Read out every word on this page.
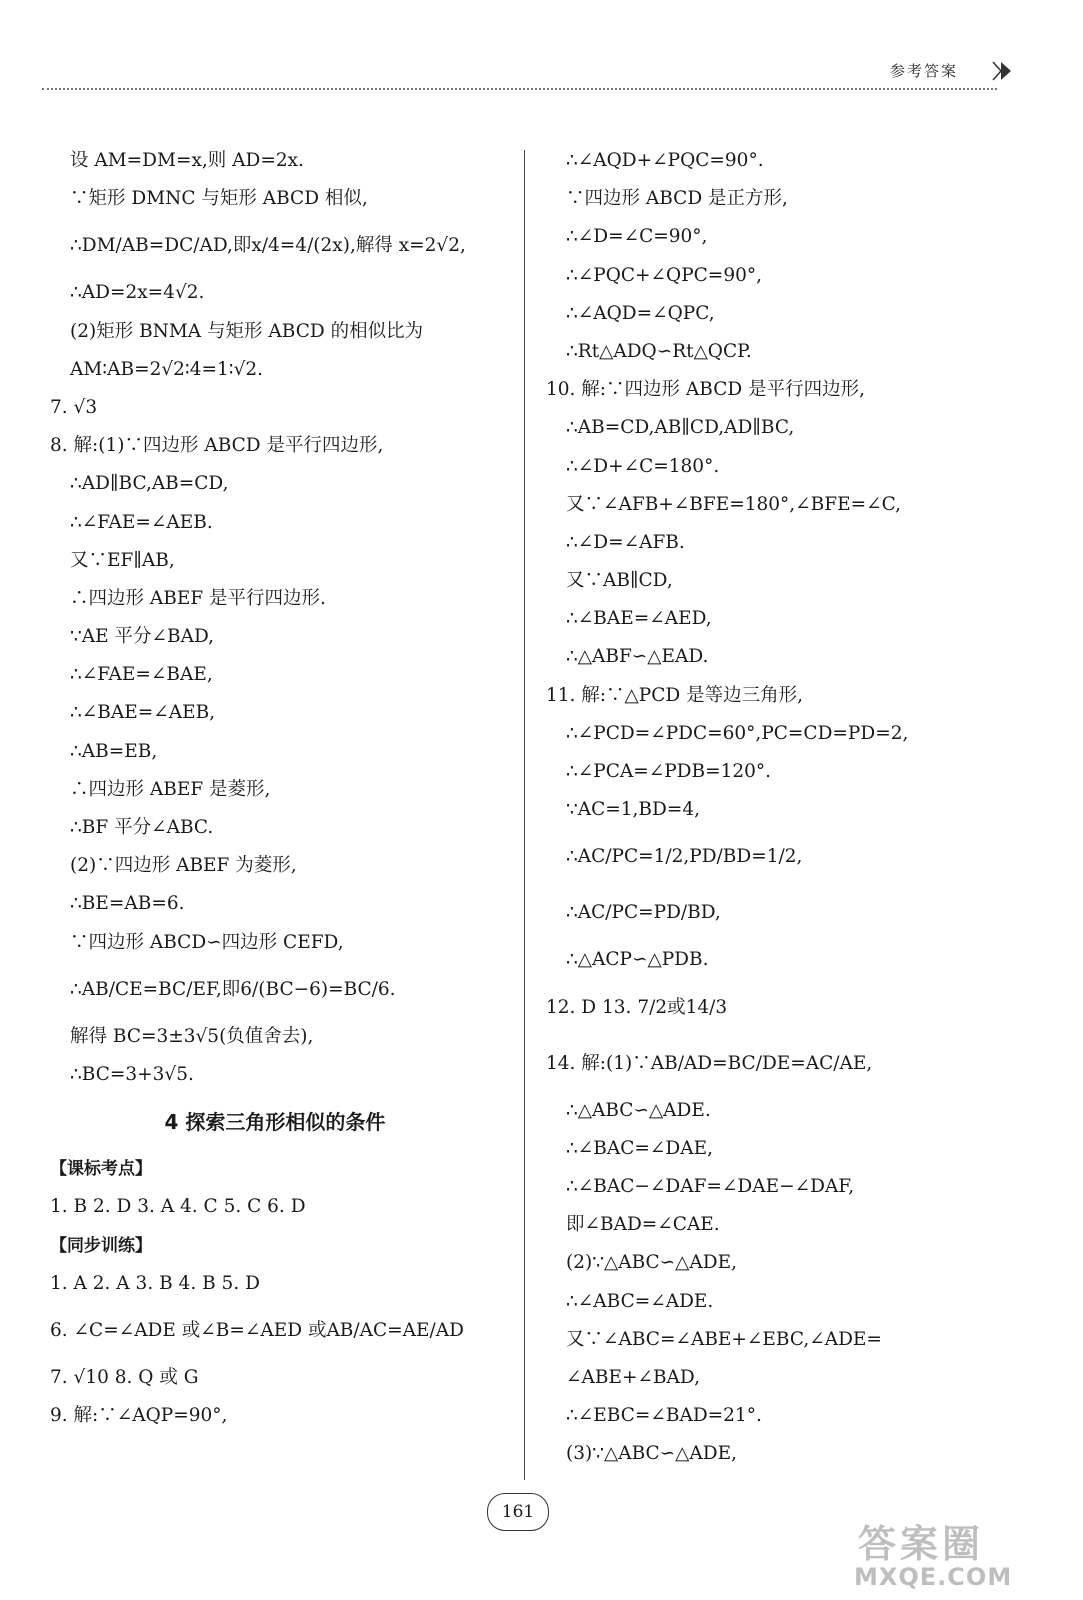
参考答案
设 AM=DM=x,则 AD=2x.
∵矩形 DMNC 与矩形 ABCD 相似,
∴DM/AB=DC/AD,即x/4=4/(2x),解得 x=2√2,
∴AD=2x=4√2.
(2)矩形 BNMA 与矩形 ABCD 的相似比为
AM∶AB=2√2∶4=1∶√2.
7. √3
8. 解:(1)∵四边形 ABCD 是平行四边形,
∴AD∥BC,AB=CD,
∴∠FAE=∠AEB.
又∵EF∥AB,
∴四边形 ABEF 是平行四边形.
∵AE 平分∠BAD,
∴∠FAE=∠BAE,
∴∠BAE=∠AEB,
∴AB=EB,
∴四边形 ABEF 是菱形,
∴BF 平分∠ABC.
(2)∵四边形 ABEF 为菱形,
∴BE=AB=6.
∵四边形 ABCD∽四边形 CEFD,
∴AB/CE=BC/EF,即6/(BC−6)=BC/6.
解得 BC=3±3√5(负值舍去),
∴BC=3+3√5.
4 探索三角形相似的条件
【课标考点】
1. B 2. D 3. A 4. C 5. C 6. D
【同步训练】
1. A 2. A 3. B 4. B 5. D
6. ∠C=∠ADE 或∠B=∠AED 或AB/AC=AE/AD
7. √10 8. Q 或 G
9. 解:∵∠AQP=90°,
∴∠AQD+∠PQC=90°.
∵四边形 ABCD 是正方形,
∴∠D=∠C=90°,
∴∠PQC+∠QPC=90°,
∴∠AQD=∠QPC,
∴Rt△ADQ∽Rt△QCP.
10. 解:∵四边形 ABCD 是平行四边形,
∴AB=CD,AB∥CD,AD∥BC,
∴∠D+∠C=180°.
又∵∠AFB+∠BFE=180°,∠BFE=∠C,
∴∠D=∠AFB.
又∵AB∥CD,
∴∠BAE=∠AED,
∴△ABF∽△EAD.
11. 解:∵△PCD 是等边三角形,
∴∠PCD=∠PDC=60°,PC=CD=PD=2,
∴∠PCA=∠PDB=120°.
∵AC=1,BD=4,
∴AC/PC=1/2,PD/BD=1/2,
∴AC/PC=PD/BD,
∴△ACP∽△PDB.
12. D 13. 7/2或14/3
14. 解:(1)∵AB/AD=BC/DE=AC/AE,
∴△ABC∽△ADE.
∴∠BAC=∠DAE,
∴∠BAC−∠DAF=∠DAE−∠DAF,
即∠BAD=∠CAE.
(2)∵△ABC∽△ADE,
∴∠ABC=∠ADE.
又∵∠ABC=∠ABE+∠EBC,∠ADE=
∠ABE+∠BAD,
∴∠EBC=∠BAD=21°.
(3)∵△ABC∽△ADE,
161
答案圈
MXQE.COM
